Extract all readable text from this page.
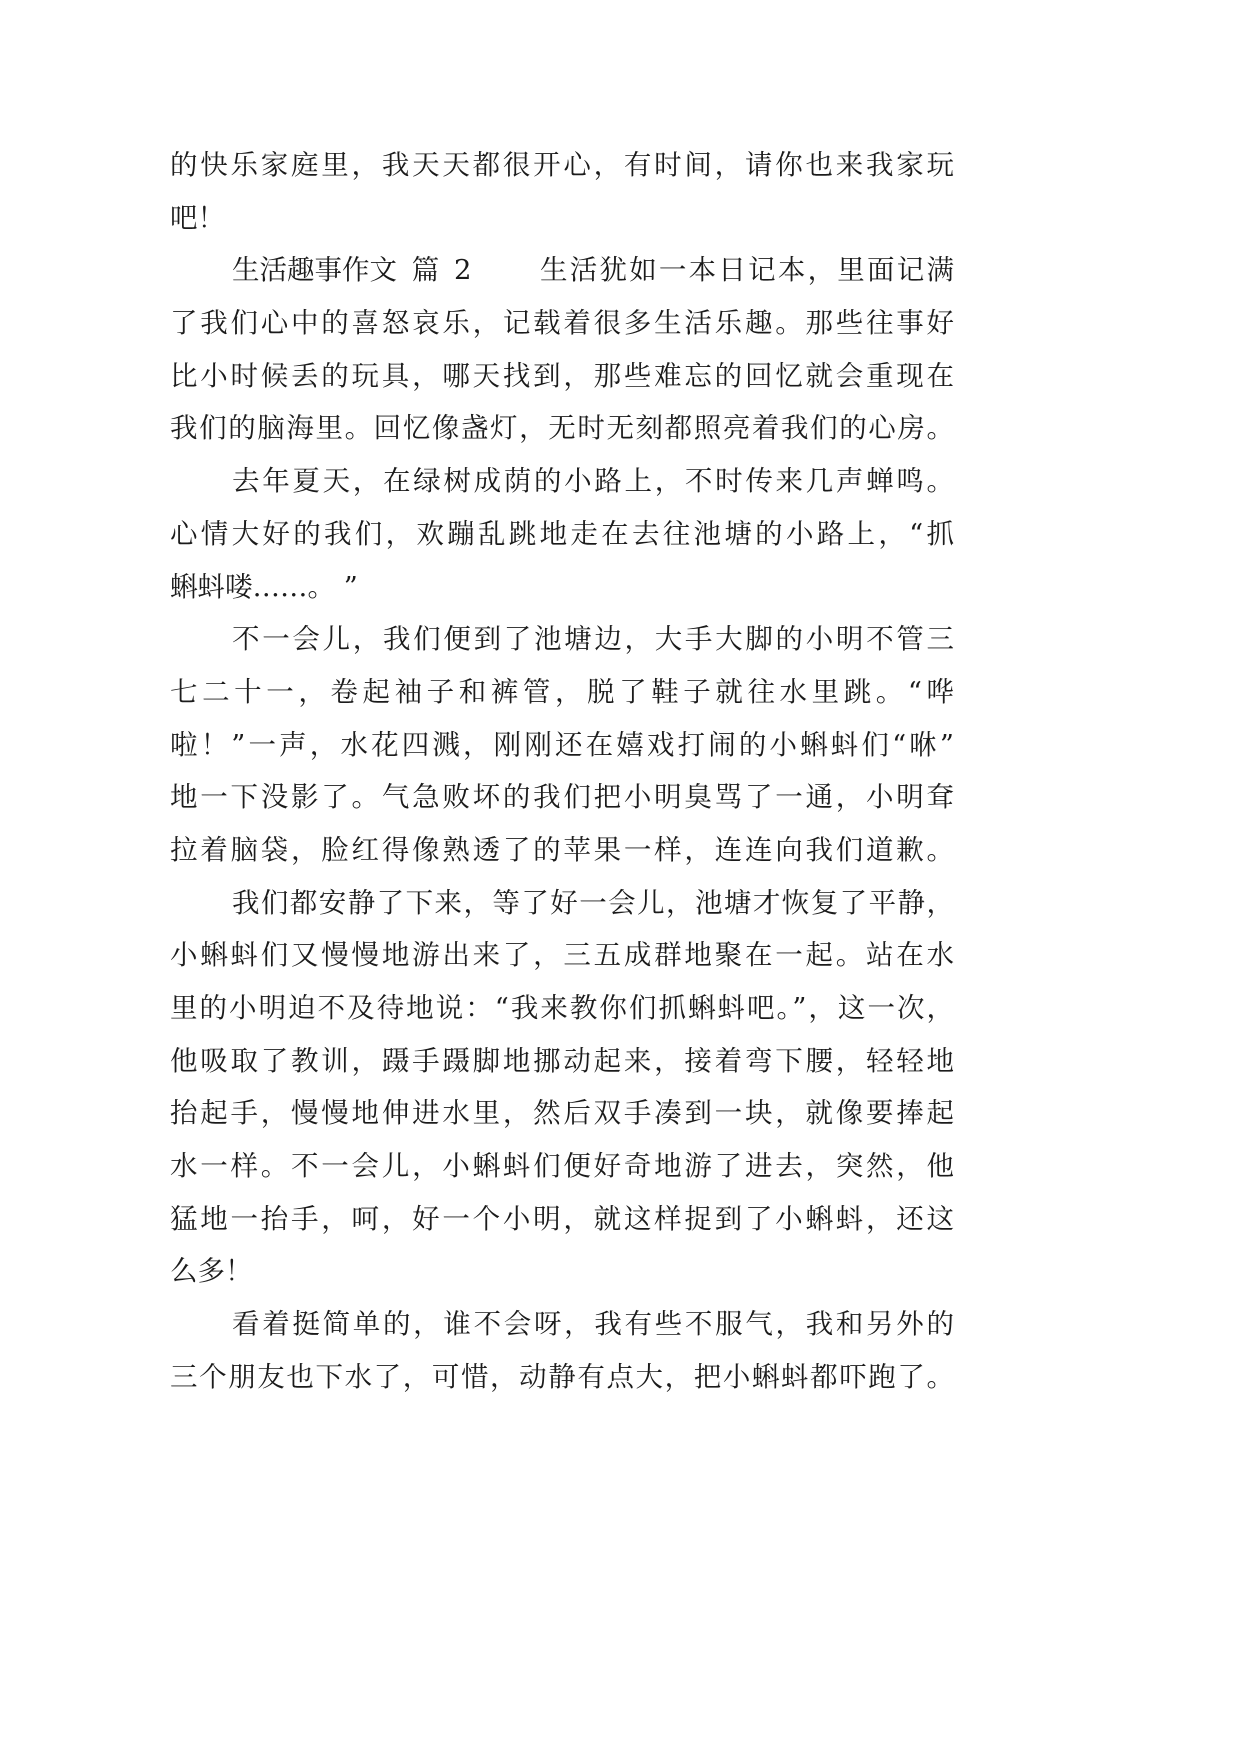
的快乐家庭里，我天天都很开心，有时间，请你也来我家玩
吧！
生活趣事作文 篇 2 生活犹如一本日记本，里面记满
了我们心中的喜怒哀乐，记载着很多生活乐趣。那些往事好
比小时候丢的玩具，哪天找到，那些难忘的回忆就会重现在
我们的脑海里。回忆像盏灯，无时无刻都照亮着我们的心房。
去年夏天，在绿树成荫的小路上，不时传来几声蝉鸣。
心情大好的我们，欢蹦乱跳地走在去往池塘的小路上，“抓
蝌蚪喽……。 ”
不一会儿，我们便到了池塘边，大手大脚的小明不管三
七二十一，卷起袖子和裤管，脱了鞋子就往水里跳。“哗
啦！”一声，水花四溅，刚刚还在嬉戏打闹的小蝌蚪们“咻”
地一下没影了。气急败坏的我们把小明臭骂了一通，小明耷
拉着脑袋，脸红得像熟透了的苹果一样，连连向我们道歉。
我们都安静了下来，等了好一会儿，池塘才恢复了平静，
小蝌蚪们又慢慢地游出来了，三五成群地聚在一起。站在水
里的小明迫不及待地说：“我来教你们抓蝌蚪吧。”，这一次，
他吸取了教训，蹑手蹑脚地挪动起来，接着弯下腰，轻轻地
抬起手，慢慢地伸进水里，然后双手凑到一块，就像要捧起
水一样。不一会儿，小蝌蚪们便好奇地游了进去，突然，他
猛地一抬手，呵，好一个小明，就这样捉到了小蝌蚪，还这
么多！
看着挺简单的，谁不会呀，我有些不服气，我和另外的
三个朋友也下水了，可惜，动静有点大，把小蝌蚪都吓跑了。
